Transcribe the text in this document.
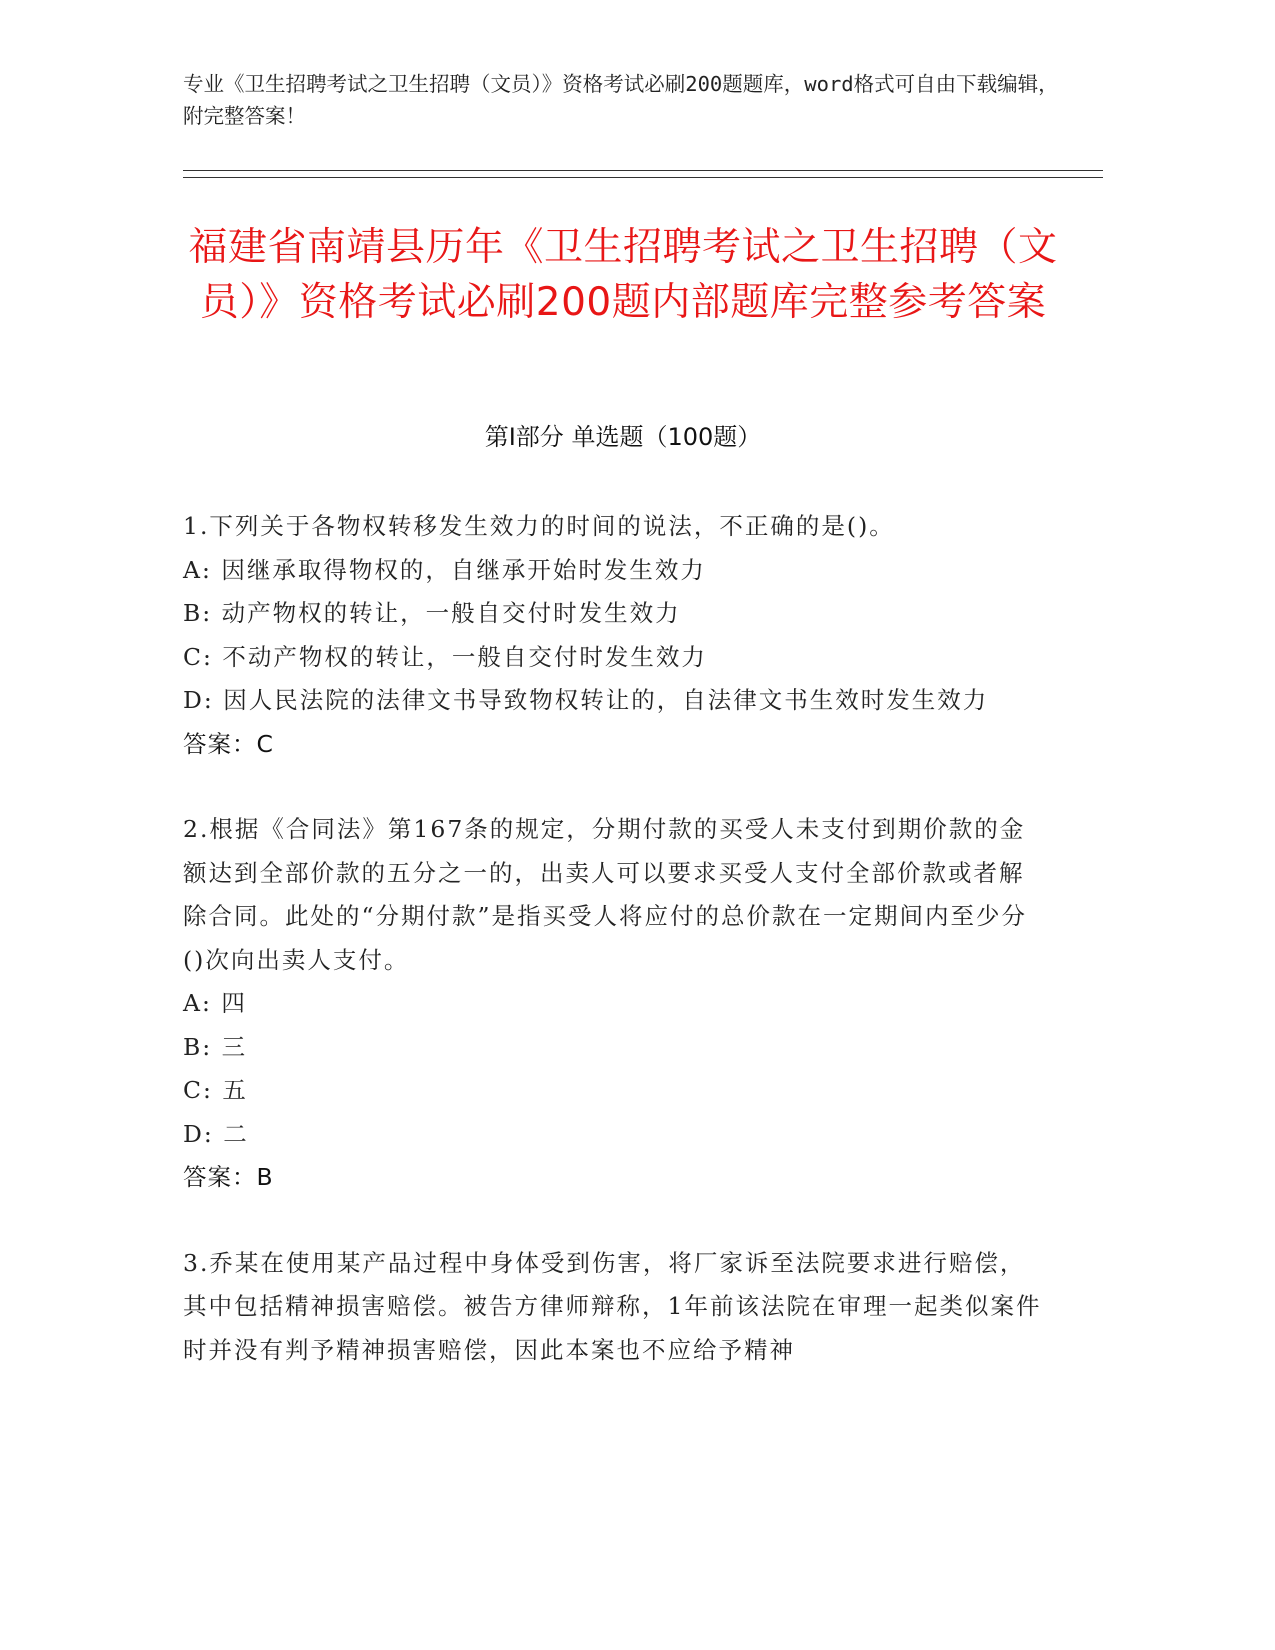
专业《卫生招聘考试之卫生招聘（文员）》资格考试必刷200题题库，word格式可自由下载编辑，附完整答案！
福建省南靖县历年《卫生招聘考试之卫生招聘（文员）》资格考试必刷200题内部题库完整参考答案
第I部分 单选题（100题）

1.下列关于各物权转移发生效力的时间的说法，不正确的是()。

A: 因继承取得物权的，自继承开始时发生效力

B: 动产物权的转让，一般自交付时发生效力

C: 不动产物权的转让，一般自交付时发生效力

D: 因人民法院的法律文书导致物权转让的，自法律文书生效时发生效力

答案：C

2.根据《合同法》第167条的规定，分期付款的买受人未支付到期价款的金额达到全部价款的五分之一的，出卖人可以要求买受人支付全部价款或者解除合同。此处的“分期付款”是指买受人将应付的总价款在一定期间内至少分()次向出卖人支付。

A: 四

B: 三

C: 五

D: 二

答案：B

3.乔某在使用某产品过程中身体受到伤害，将厂家诉至法院要求进行赔偿，其中包括精神损害赔偿。被告方律师辩称，1年前该法院在审理一起类似案件时并没有判予精神损害赔偿，因此本案也不应给予精神
